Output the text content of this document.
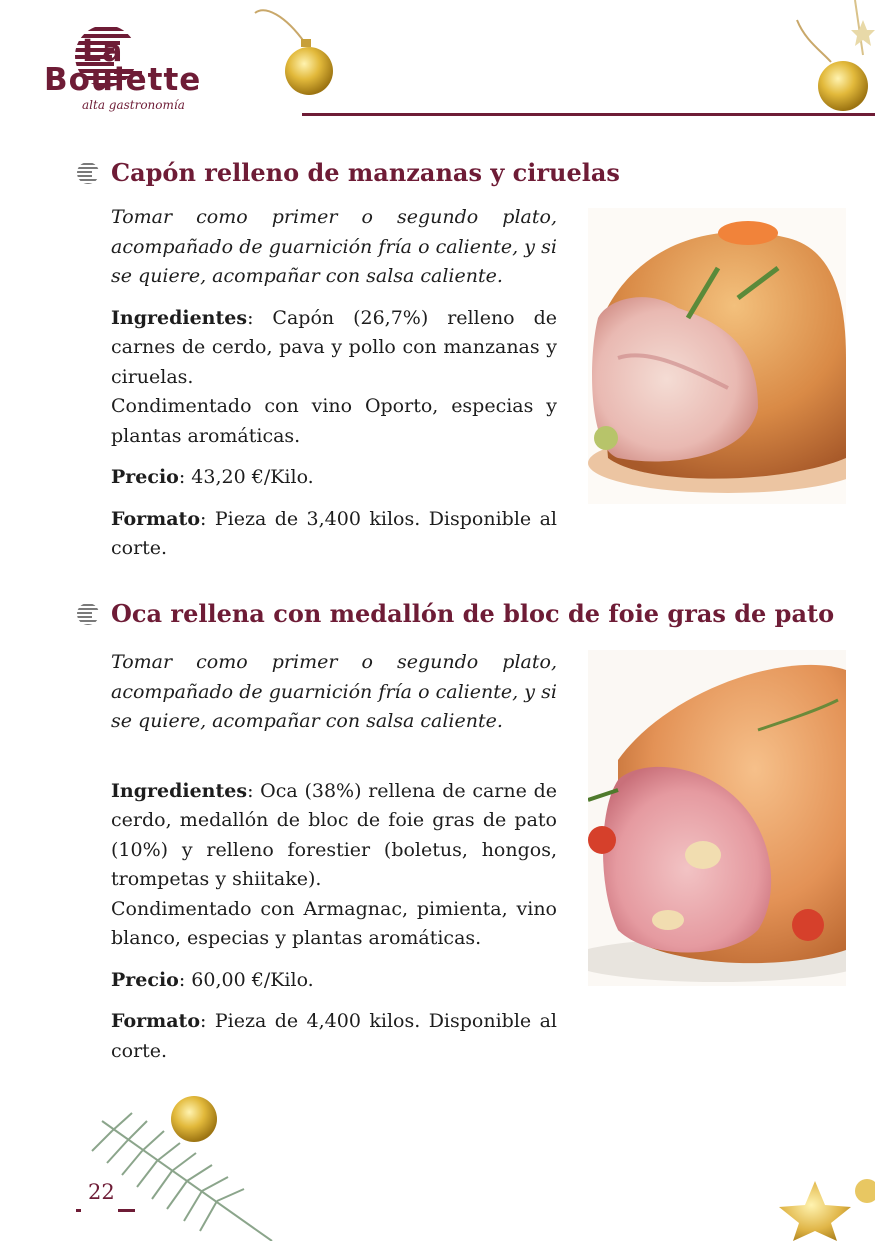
La
Boulette
alta gastronomía
Capón relleno de manzanas y ciruelas

Tomar como primer o segundo plato, acompañado de guarnición fría o caliente, y si se quiere, acompañar con salsa caliente.

Ingredientes: Capón (26,7%) relleno de carnes de cerdo, pava y pollo con manzanas y ciruelas.

Condimentado con vino Oporto, especias y plantas aromáticas.

Precio: 43,20 €/Kilo.

Formato: Pieza de 3,400 kilos. Disponible al corte.

Oca rellena con medallón de bloc de foie gras de pato

Tomar como primer o segundo plato, acompañado de guarnición fría o caliente, y si se quiere, acompañar con salsa caliente.

Ingredientes: Oca (38%) rellena de carne de cerdo, medallón de bloc de foie gras de pato (10%) y relleno forestier (boletus, hongos, trompetas y shiitake).

Condimentado con Armagnac, pimienta, vino blanco, especias y plantas aromáticas.

Precio: 60,00 €/Kilo.

Formato: Pieza de 4,400 kilos. Disponible al corte.

22
